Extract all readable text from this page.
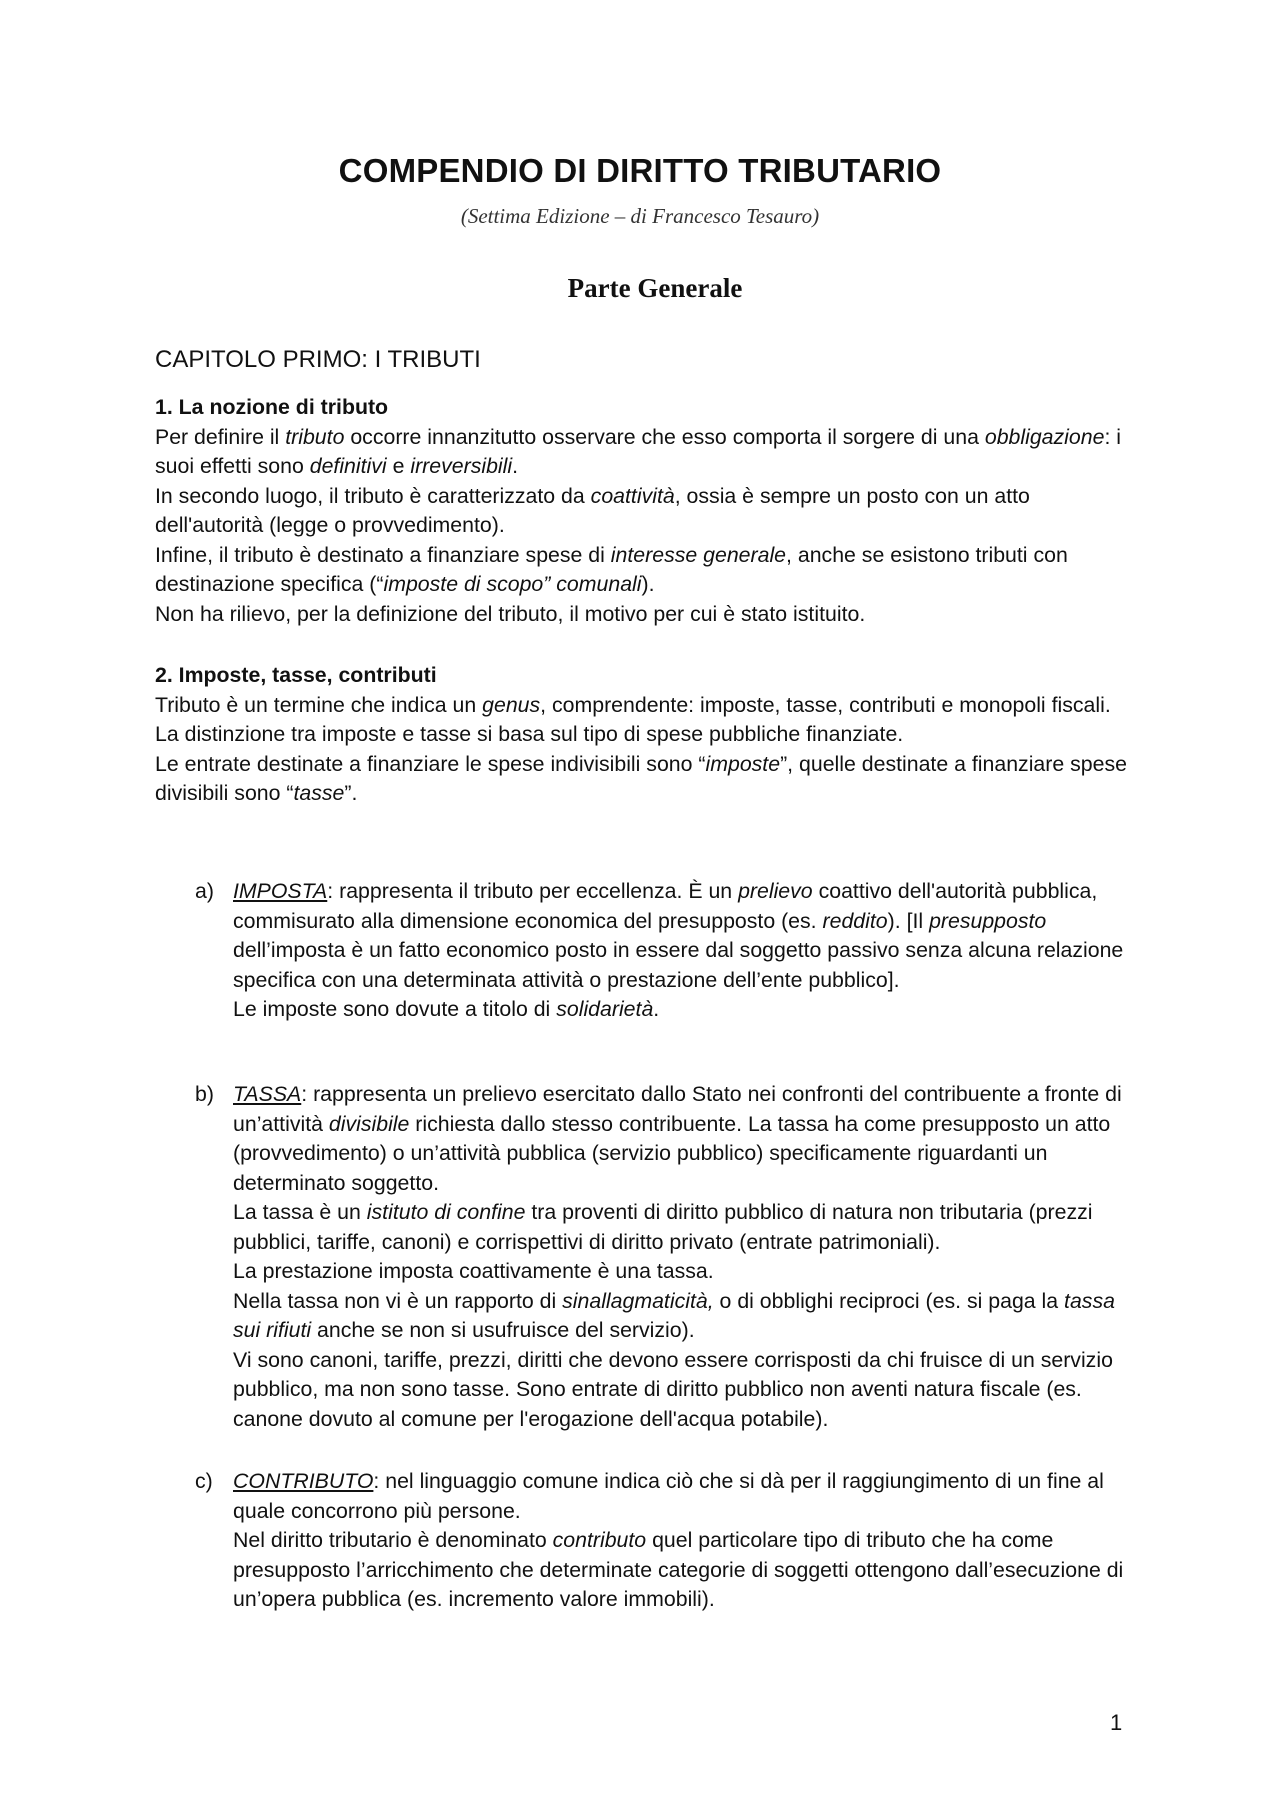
COMPENDIO DI DIRITTO TRIBUTARIO
(Settima Edizione – di Francesco Tesauro)
Parte Generale
CAPITOLO PRIMO: I TRIBUTI

1. La nozione di tributo

Per definire il tributo occorre innanzitutto osservare che esso comporta il sorgere di una obbligazione: i suoi effetti sono definitivi e irreversibili.

In secondo luogo, il tributo è caratterizzato da coattività, ossia è sempre un posto con un atto dell'autorità (legge o provvedimento).

Infine, il tributo è destinato a finanziare spese di interesse generale, anche se esistono tributi con destinazione specifica (“imposte di scopo” comunali).

Non ha rilievo, per la definizione del tributo, il motivo per cui è stato istituito.

2. Imposte, tasse, contributi

Tributo è un termine che indica un genus, comprendente: imposte, tasse, contributi e monopoli fiscali.

La distinzione tra imposte e tasse si basa sul tipo di spese pubbliche finanziate.

Le entrate destinate a finanziare le spese indivisibili sono “imposte”, quelle destinate a finanziare spese divisibili sono “tasse”.

a) IMPOSTA: rappresenta il tributo per eccellenza. È un prelievo coattivo dell'autorità pubblica, commisurato alla dimensione economica del presupposto (es. reddito). [Il presupposto dell’imposta è un fatto economico posto in essere dal soggetto passivo senza alcuna relazione specifica con una determinata attività o prestazione dell’ente pubblico].

Le imposte sono dovute a titolo di solidarietà.

b) TASSA: rappresenta un prelievo esercitato dallo Stato nei confronti del contribuente a fronte di un’attività divisibile richiesta dallo stesso contribuente. La tassa ha come presupposto un atto (provvedimento) o un’attività pubblica (servizio pubblico) specificamente riguardanti un determinato soggetto.

La tassa è un istituto di confine tra proventi di diritto pubblico di natura non tributaria (prezzi pubblici, tariffe, canoni) e corrispettivi di diritto privato (entrate patrimoniali).

La prestazione imposta coattivamente è una tassa.

Nella tassa non vi è un rapporto di sinallagmaticità, o di obblighi reciproci (es. si paga la tassa sui rifiuti anche se non si usufruisce del servizio).

Vi sono canoni, tariffe, prezzi, diritti che devono essere corrisposti da chi fruisce di un servizio pubblico, ma non sono tasse. Sono entrate di diritto pubblico non aventi natura fiscale (es. canone dovuto al comune per l'erogazione dell'acqua potabile).

c) CONTRIBUTO: nel linguaggio comune indica ciò che si dà per il raggiungimento di un fine al quale concorrono più persone.

Nel diritto tributario è denominato contributo quel particolare tipo di tributo che ha come presupposto l’arricchimento che determinate categorie di soggetti ottengono dall’esecuzione di un’opera pubblica (es. incremento valore immobili).

1
